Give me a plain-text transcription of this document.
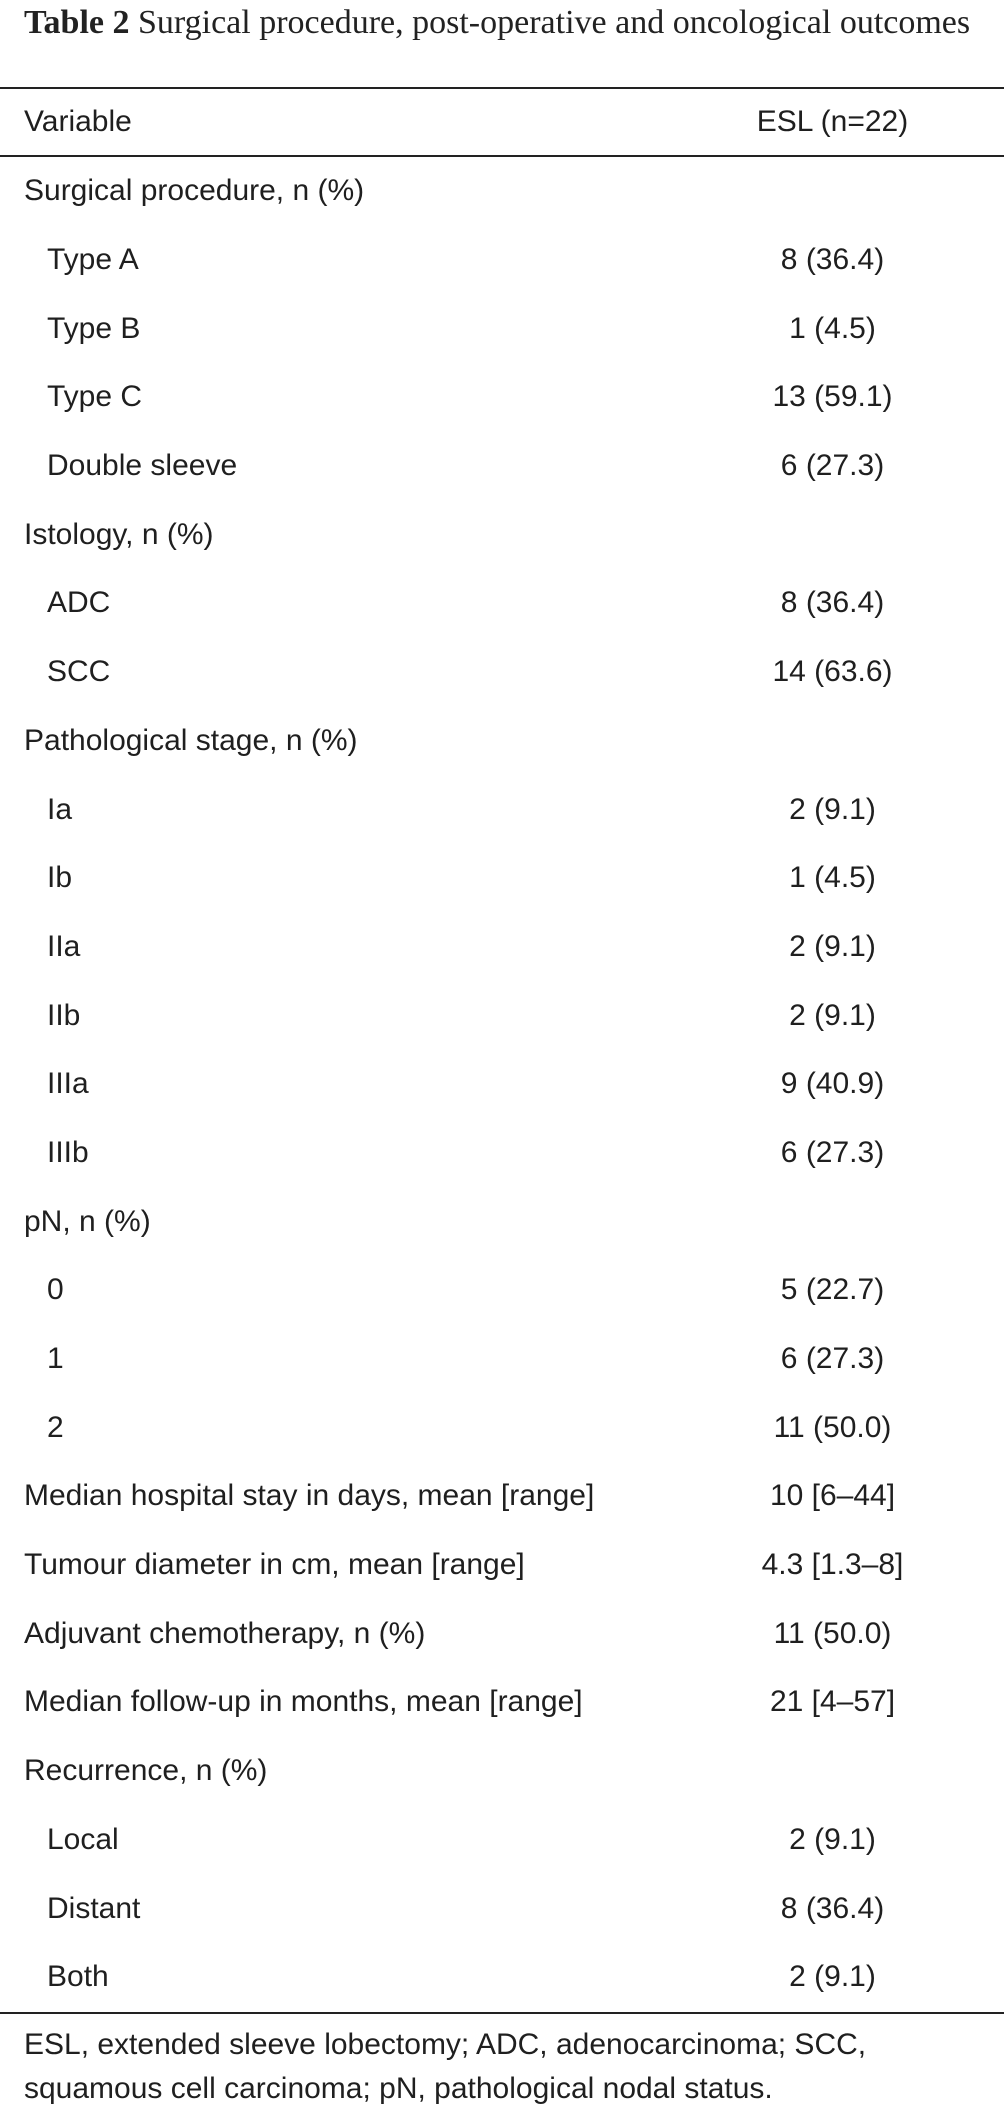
Table 2 Surgical procedure, post-operative and oncological outcomes

Variable	ESL (n=22)
Surgical procedure, n (%)	
Type A	8 (36.4)
Type B	1 (4.5)
Type C	13 (59.1)
Double sleeve	6 (27.3)
Istology, n (%)	
ADC	8 (36.4)
SCC	14 (63.6)
Pathological stage, n (%)	
Ia	2 (9.1)
Ib	1 (4.5)
IIa	2 (9.1)
IIb	2 (9.1)
IIIa	9 (40.9)
IIIb	6 (27.3)
pN, n (%)	
0	5 (22.7)
1	6 (27.3)
2	11 (50.0)
Median hospital stay in days, mean [range]	10 [6–44]
Tumour diameter in cm, mean [range]	4.3 [1.3–8]
Adjuvant chemotherapy, n (%)	11 (50.0)
Median follow-up in months, mean [range]	21 [4–57]
Recurrence, n (%)	
Local	2 (9.1)
Distant	8 (36.4)
Both	2 (9.1)

ESL, extended sleeve lobectomy; ADC, adenocarcinoma; SCC, squamous cell carcinoma; pN, pathological nodal status.
